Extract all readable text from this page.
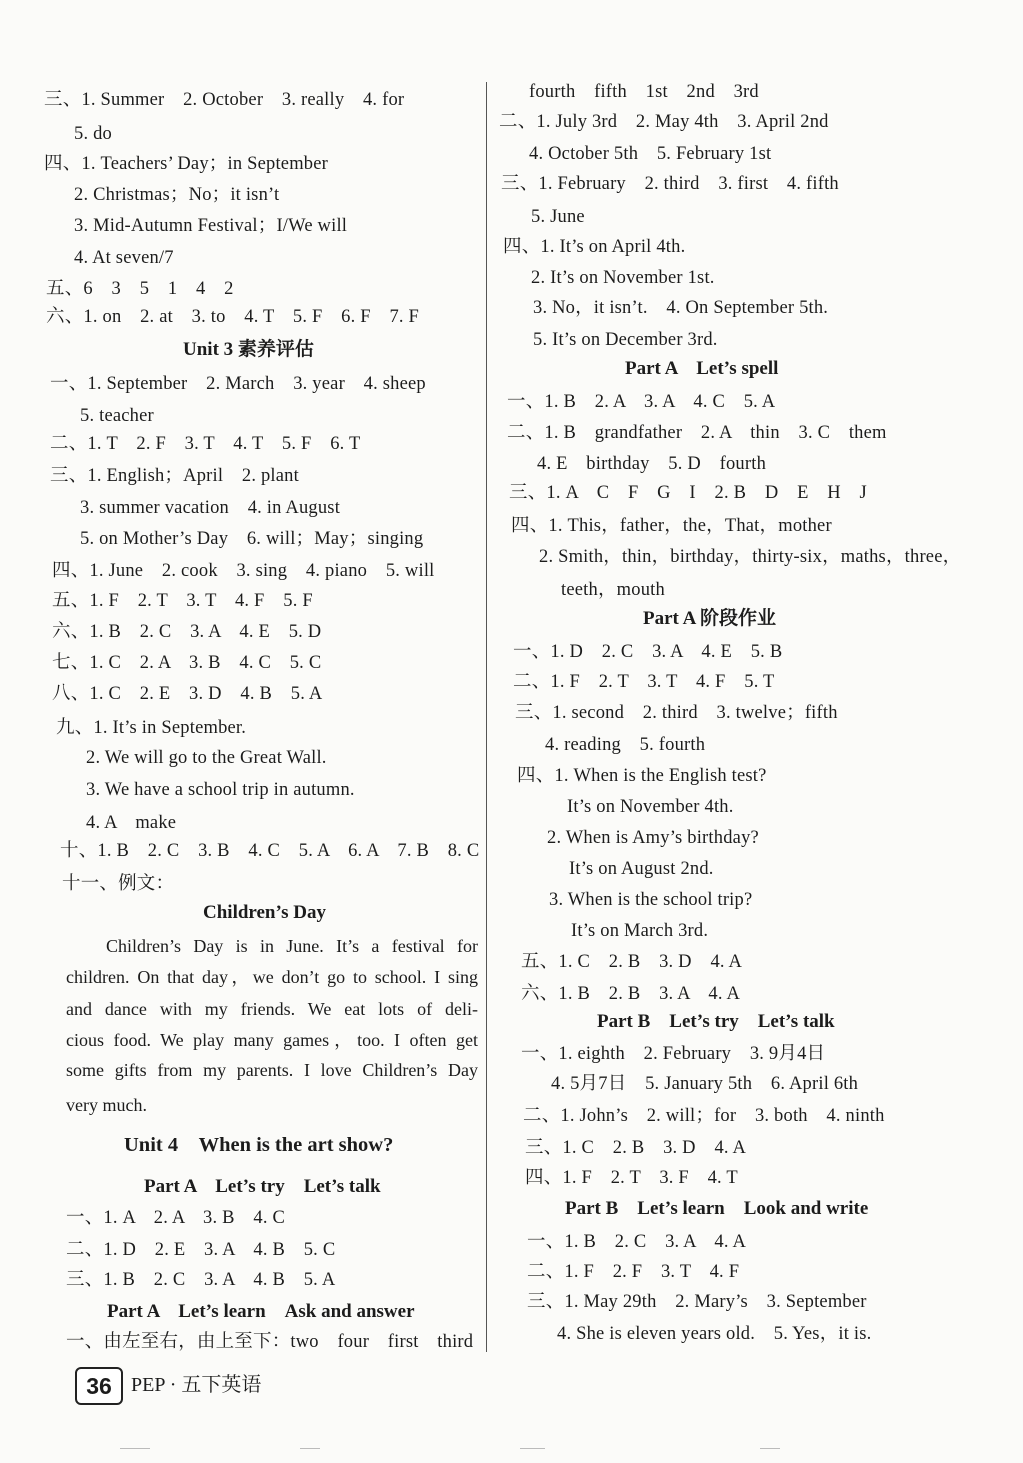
三、1. Summer　2. October　3. really　4. for
5. do
四、1. Teachers’ Day；in September
2. Christmas；No；it isn’t
3. Mid-Autumn Festival；I/We will
4. At seven/7
五、6　3　5　1　4　2
六、1. on　2. at　3. to　4. T　5. F　6. F　7. F
Unit 3 素养评估
一、1. September　2. March　3. year　4. sheep
5. teacher
二、1. T　2. F　3. T　4. T　5. F　6. T
三、1. English；April　2. plant
3. summer vacation　4. in August
5. on Mother’s Day　6. will；May；singing
四、1. June　2. cook　3. sing　4. piano　5. will
五、1. F　2. T　3. T　4. F　5. F
六、1. B　2. C　3. A　4. E　5. D
七、1. C　2. A　3. B　4. C　5. C
八、1. C　2. E　3. D　4. B　5. A
九、1. It’s in September.
2. We will go to the Great Wall.
3. We have a school trip in autumn.
4. A　make
十、1. B　2. C　3. B　4. C　5. A　6. A　7. B　8. C
十一、例文：
Children’s Day
Children’s Day is in June. It’s a festival for
children. On that day，we don’t go to school. I sing
and dance with my friends. We eat lots of deli-
cious food. We play many games，too. I often get
some gifts from my parents. I love Children’s Day
very much.
Unit 4　When is the art show?
Part A　Let’s try　Let’s talk
一、1. A　2. A　3. B　4. C
二、1. D　2. E　3. A　4. B　5. C
三、1. B　2. C　3. A　4. B　5. A
Part A　Let’s learn　Ask and answer
一、由左至右，由上至下：two　four　first　third
fourth　fifth　1st　2nd　3rd
二、1. July 3rd　2. May 4th　3. April 2nd
4. October 5th　5. February 1st
三、1. February　2. third　3. first　4. fifth
5. June
四、1. It’s on April 4th.
2. It’s on November 1st.
3. No，it isn’t.　4. On September 5th.
5. It’s on December 3rd.
Part A　Let’s spell
一、1. B　2. A　3. A　4. C　5. A
二、1. B　grandfather　2. A　thin　3. C　them
4. E　birthday　5. D　fourth
三、1. A　C　F　G　I　2. B　D　E　H　J
四、1. This，father，the，That，mother
2. Smith，thin，birthday，thirty-six，maths，three，
teeth，mouth
Part A 阶段作业
一、1. D　2. C　3. A　4. E　5. B
二、1. F　2. T　3. T　4. F　5. T
三、1. second　2. third　3. twelve；fifth
4. reading　5. fourth
四、1. When is the English test?
It’s on November 4th.
2. When is Amy’s birthday?
It’s on August 2nd.
3. When is the school trip?
It’s on March 3rd.
五、1. C　2. B　3. D　4. A
六、1. B　2. B　3. A　4. A
Part B　Let’s try　Let’s talk
一、1. eighth　2. February　3. 9月4日
4. 5月7日　5. January 5th　6. April 6th
二、1. John’s　2. will；for　3. both　4. ninth
三、1. C　2. B　3. D　4. A
四、1. F　2. T　3. F　4. T
Part B　Let’s learn　Look and write
一、1. B　2. C　3. A　4. A
二、1. F　2. F　3. T　4. F
三、1. May 29th　2. Mary’s　3. September
4. She is eleven years old.　5. Yes，it is.
36 PEP · 五下英语
